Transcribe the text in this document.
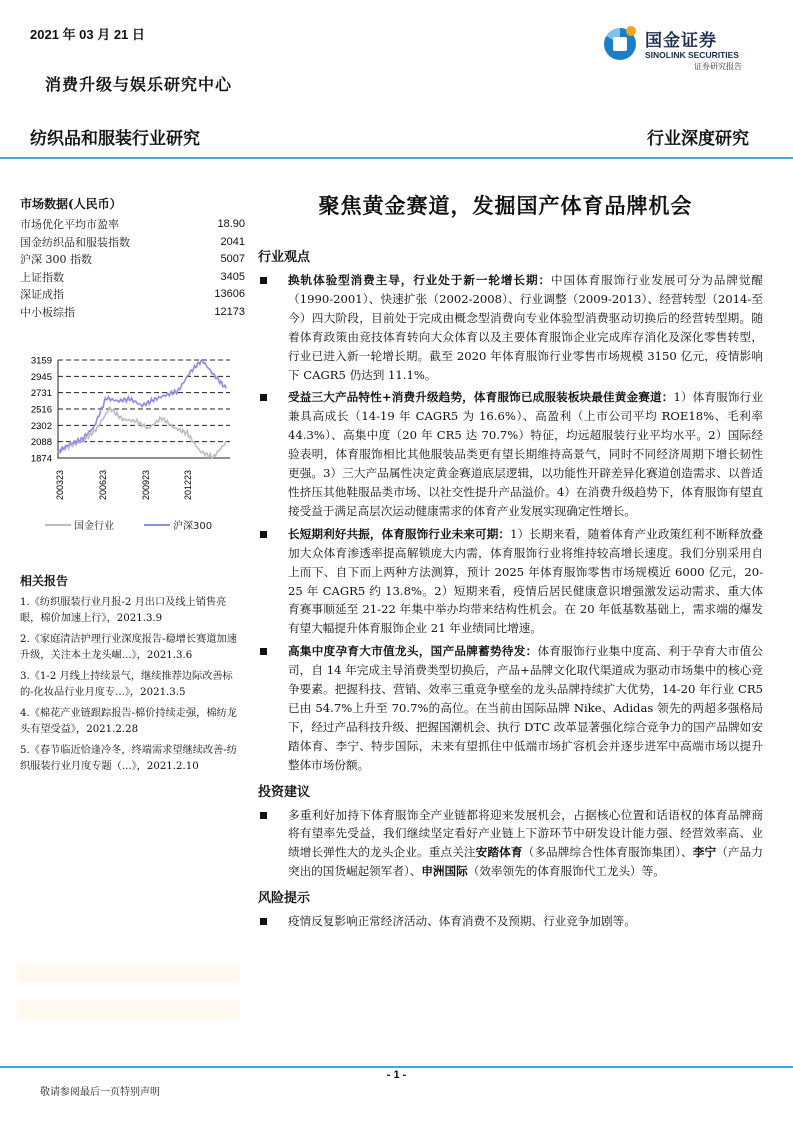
2021 年 03 月 21 日
消费升级与娱乐研究中心
纺织品和服装行业研究	行业深度研究
国金证券
SINOLINK SECURITIES
证券研究报告
市场数据(人民币）
市场优化平均市盈率	18.90
国金纺织品和服装指数	2041
沪深 300 指数	5007
上证指数	3405
深证成指	13606
中小板综指	12173
1874
2088
2302
2516
2731
2945
3159
200323	200623	200923	201223
国金行业	沪深300
相关报告
1.《纺织服装行业月报-2 月出口及线上销售亮眼，棉价加速上行》，2021.3.9
2.《家庭清洁护理行业深度报告-稳增长赛道加速升级，关注本土龙头崛...》，2021.3.6
3.《1-2 月线上持续景气，继续推荐边际改善标的-化妆品行业月度专...》，2021.3.5
4.《棉花产业链跟踪报告-棉价持续走强，棉纺龙头有望受益》，2021.2.28
5.《春节临近恰逢冷冬，终端需求望继续改善-纺织服装行业月度专题（...》，2021.2.10
聚焦黄金赛道，发掘国产体育品牌机会
行业观点
换轨体验型消费主导，行业处于新一轮增长期：中国体育服饰行业发展可分为品牌觉醒（1990-2001）、快速扩张（2002-2008）、行业调整（2009-2013）、经营转型（2014-至今）四大阶段，目前处于完成由概念型消费向专业体验型消费驱动切换后的经营转型期。随着体育政策由竞技体育转向大众体育以及主要体育服饰企业完成库存消化及深化零售转型，行业已进入新一轮增长期。截至 2020 年体育服饰行业零售市场规模 3150 亿元，疫情影响下 CAGR5 仍达到 11.1%。
受益三大产品特性+消费升级趋势，体育服饰已成服装板块最佳黄金赛道：1）体育服饰行业兼具高成长（14-19 年 CAGR5 为 16.6%）、高盈利（上市公司平均 ROE18%、毛利率 44.3%）、高集中度（20 年 CR5 达 70.7%）特征，均远超服装行业平均水平。2）国际经验表明，体育服饰相比其他服装品类更有望长期维持高景气，同时不同经济周期下增长韧性更强。3）三大产品属性决定黄金赛道底层逻辑，以功能性开辟差异化赛道创造需求、以普适性挤压其他鞋服品类市场、以社交性提升产品溢价。4）在消费升级趋势下，体育服饰有望直接受益于满足高层次运动健康需求的体育产业发展实现确定性增长。
长短期利好共振，体育服饰行业未来可期：1）长期来看，随着体育产业政策红利不断释放叠加大众体育渗透率提高解锁庞大内需，体育服饰行业将维持较高增长速度。我们分别采用自上而下、自下而上两种方法测算，预计 2025 年体育服饰零售市场规模近 6000 亿元，20-25 年 CAGR5 约 13.8%。2）短期来看，疫情后居民健康意识增强激发运动需求、重大体育赛事顺延至 21-22 年集中举办均带来结构性机会。在 20 年低基数基础上，需求端的爆发有望大幅提升体育服饰企业 21 年业绩同比增速。
高集中度孕育大市值龙头，国产品牌蓄势待发：体育服饰行业集中度高、利于孕育大市值公司，自 14 年完成主导消费类型切换后，产品+品牌文化取代渠道成为驱动市场集中的核心竞争要素。把握科技、营销、效率三重竞争壁垒的龙头品牌持续扩大优势，14-20 年行业 CR5 已由 54.7%上升至 70.7%的高位。在当前由国际品牌 Nike、Adidas 领先的两超多强格局下，经过产品科技升级、把握国潮机会、执行 DTC 改革显著强化综合竞争力的国产品牌如安踏体育、李宁、特步国际，未来有望抓住中低端市场扩容机会并逐步进军中高端市场以提升整体市场份额。
投资建议
多重利好加持下体育服饰全产业链都将迎来发展机会，占据核心位置和话语权的体育品牌商将有望率先受益，我们继续坚定看好产业链上下游环节中研发设计能力强、经营效率高、业绩增长弹性大的龙头企业。重点关注安踏体育（多品牌综合性体育服饰集团）、李宁（产品力突出的国货崛起领军者）、申洲国际（效率领先的体育服饰代工龙头）等。
风险提示
疫情反复影响正常经济活动、体育消费不及预期、行业竞争加剧等。
- 1 -
敬请参阅最后一页特别声明
